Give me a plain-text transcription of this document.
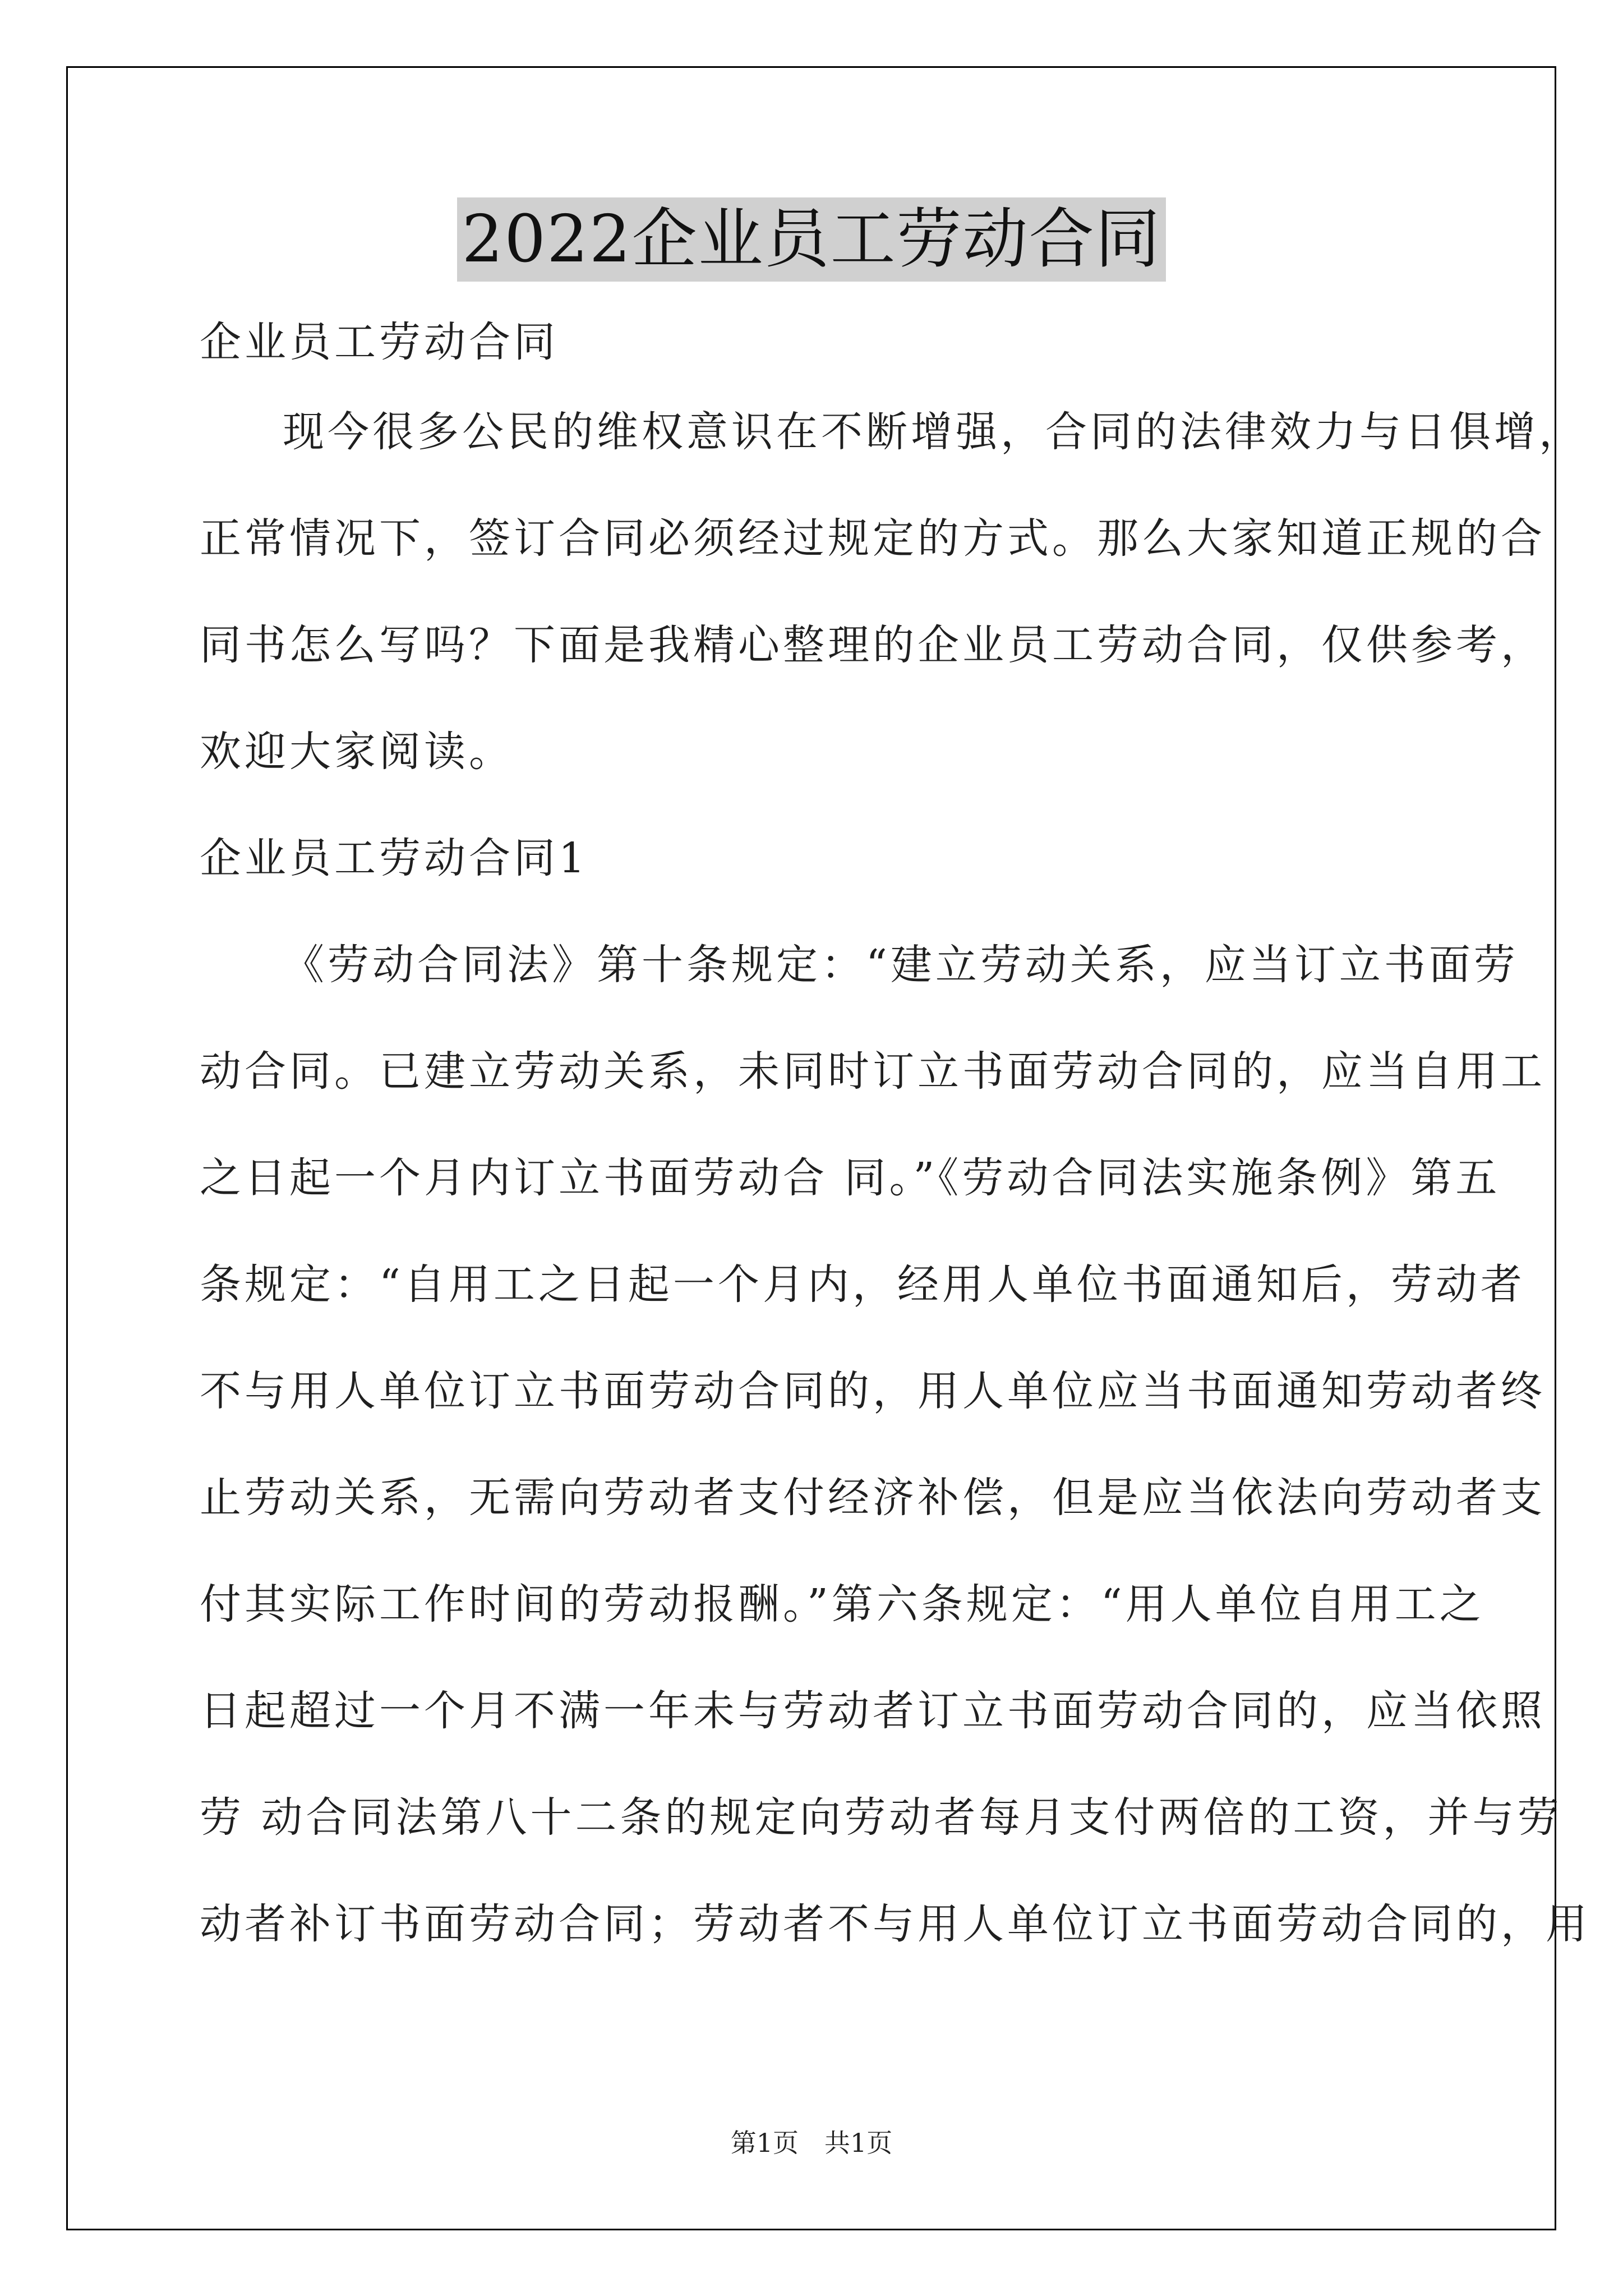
2022企业员工劳动合同
企业员工劳动合同
现今很多公民的维权意识在不断增强，合同的法律效力与日俱增，
正常情况下，签订合同必须经过规定的方式。那么大家知道正规的合
同书怎么写吗？下面是我精心整理的企业员工劳动合同，仅供参考，
欢迎大家阅读。
企业员工劳动合同1
《劳动合同法》第十条规定：“建立劳动关系，应当订立书面劳
动合同。已建立劳动关系，未同时订立书面劳动合同的，应当自用工
之日起一个月内订立书面劳动合 同。”《劳动合同法实施条例》第五
条规定：“自用工之日起一个月内，经用人单位书面通知后，劳动者
不与用人单位订立书面劳动合同的，用人单位应当书面通知劳动者终
止劳动关系，无需向劳动者支付经济补偿，但是应当依法向劳动者支
付其实际工作时间的劳动报酬。”第六条规定：“用人单位自用工之
日起超过一个月不满一年未与劳动者订立书面劳动合同的，应当依照
劳 动合同法第八十二条的规定向劳动者每月支付两倍的工资，并与劳
动者补订书面劳动合同；劳动者不与用人单位订立书面劳动合同的，用
第1页　共1页
